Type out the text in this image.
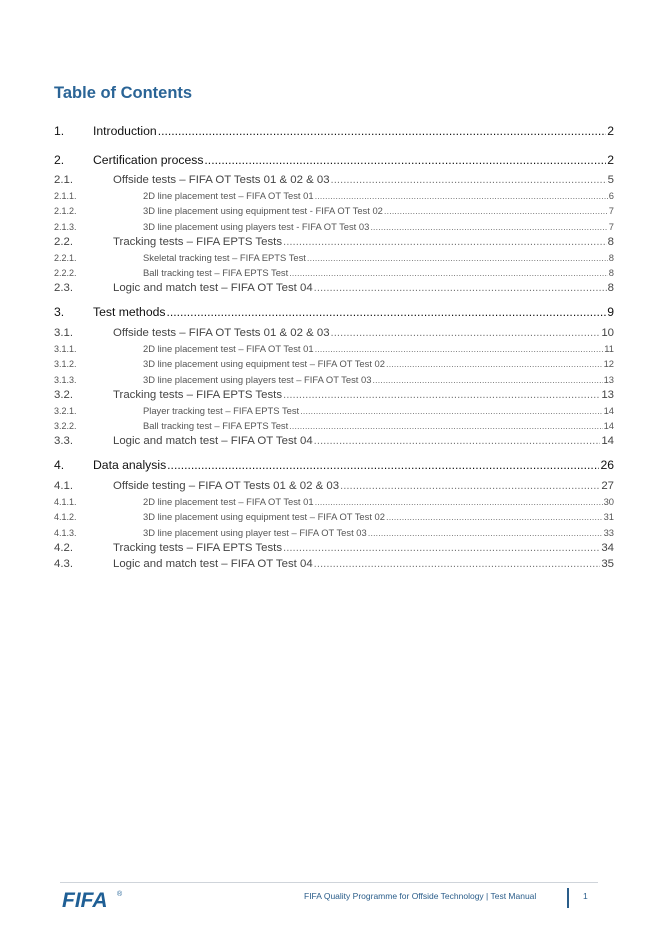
Table of Contents
1.	Introduction .....	2
2.	Certification process .....	2
2.1.	Offside tests – FIFA OT Tests 01 & 02 & 03 .....	5
2.1.1.	2D line placement test – FIFA OT Test 01 .....	6
2.1.2.	3D line placement using equipment test - FIFA OT Test 02 .....	7
2.1.3.	3D line placement using players test - FIFA OT Test 03 .....	7
2.2.	Tracking tests – FIFA EPTS Tests .....	8
2.2.1.	Skeletal tracking test – FIFA EPTS Test .....	8
2.2.2.	Ball tracking test – FIFA EPTS Test .....	8
2.3.	Logic and match test – FIFA OT Test 04 .....	8
3.	Test methods .....	9
3.1.	Offside tests – FIFA OT Tests 01 & 02 & 03 .....	10
3.1.1.	2D line placement test – FIFA OT Test 01 .....	11
3.1.2.	3D line placement using equipment test – FIFA OT Test 02 .....	12
3.1.3.	3D line placement using players test – FIFA OT Test 03 .....	13
3.2.	Tracking tests – FIFA EPTS Tests .....	13
3.2.1.	Player tracking test – FIFA EPTS Test .....	14
3.2.2.	Ball tracking test – FIFA EPTS Test .....	14
3.3.	Logic and match test – FIFA OT Test 04 .....	14
4.	Data analysis .....	26
4.1.	Offside testing – FIFA OT Tests 01 & 02 & 03 .....	27
4.1.1.	2D line placement test – FIFA OT Test 01 .....	30
4.1.2.	3D line placement using equipment test – FIFA OT Test 02 .....	31
4.1.3.	3D line placement using player test – FIFA OT Test 03 .....	33
4.2.	Tracking tests – FIFA EPTS Tests .....	34
4.3.	Logic and match test – FIFA OT Test 04 .....	35
FIFA ®	FIFA Quality Programme for Offside Technology | Test Manual	1
